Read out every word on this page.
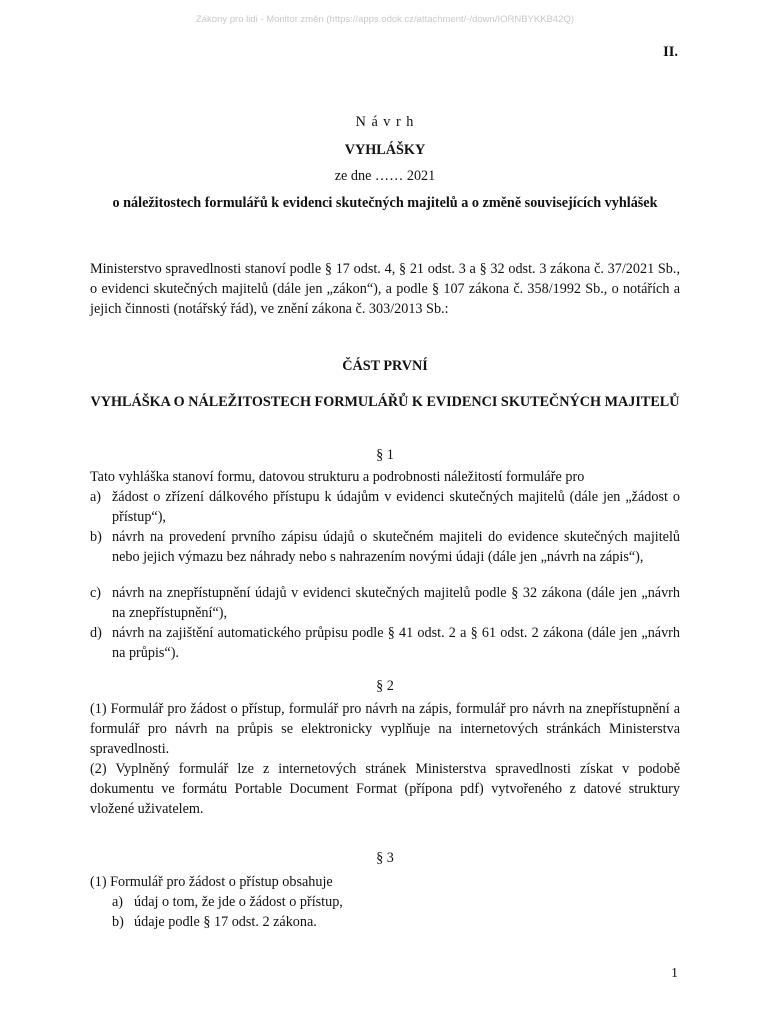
Zákony pro lidi - Monitor změn (https://apps.odok.cz/attachment/-/down/IORNBYKKB42Q)
II.
N á v r h
VYHLÁŠKY
ze dne …… 2021
o náležitostech formulářů k evidenci skutečných majitelů a o změně souvisejících vyhlášek
Ministerstvo spravedlnosti stanoví podle § 17 odst. 4, § 21 odst. 3 a § 32 odst. 3 zákona č. 37/2021 Sb., o evidenci skutečných majitelů (dále jen „zákon“), a podle § 107 zákona č. 358/1992 Sb., o notářích a jejich činnosti (notářský řád), ve znění zákona č. 303/2013 Sb.:
ČÁST PRVNÍ
VYHLÁŠKA O NÁLEŽITOSTECH FORMULÁŘŮ K EVIDENCI SKUTEČNÝCH MAJITELŮ
§ 1
Tato vyhláška stanoví formu, datovou strukturu a podrobnosti náležitostí formuláře pro
a) žádost o zřízení dálkového přístupu k údajům v evidenci skutečných majitelů (dále jen „žádost o přístup“),
b) návrh na provedení prvního zápisu údajů o skutečném majiteli do evidence skutečných majitelů nebo jejich výmazu bez náhrady nebo s nahrazením novými údaji (dále jen „návrh na zápis“),
c) návrh na znepřístupnění údajů v evidenci skutečných majitelů podle § 32 zákona (dále jen „návrh na znepřístupnění“),
d) návrh na zajištění automatického průpisu podle § 41 odst. 2 a § 61 odst. 2 zákona (dále jen „návrh na průpis“).
§ 2
(1) Formulář pro žádost o přístup, formulář pro návrh na zápis, formulář pro návrh na znepřístupnění a formulář pro návrh na průpis se elektronicky vyplňuje na internetových stránkách Ministerstva spravedlnosti.
(2) Vyplněný formulář lze z internetových stránek Ministerstva spravedlnosti získat v podobě dokumentu ve formátu Portable Document Format (přípona pdf) vytvořeného z datové struktury vložené uživatelem.
§ 3
(1) Formulář pro žádost o přístup obsahuje
a) údaj o tom, že jde o žádost o přístup,
b) údaje podle § 17 odst. 2 zákona.
1
